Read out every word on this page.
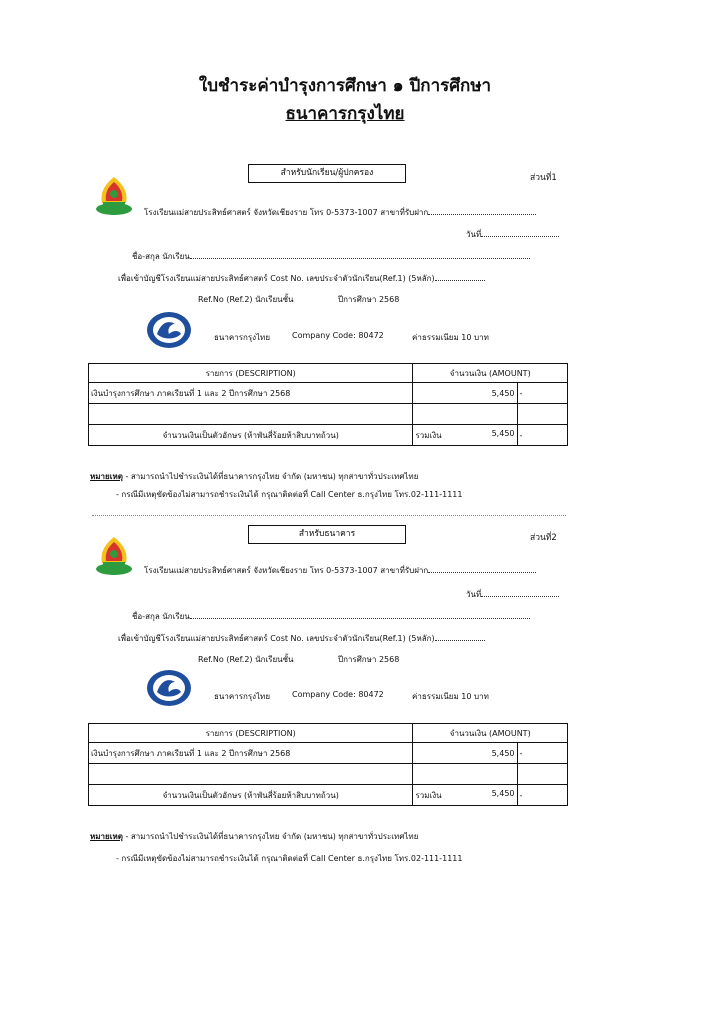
ใบชำระค่าบำรุงการศึกษา ๑ ปีการศึกษา
ธนาคารกรุงไทย
สำหรับนักเรียน/ผู้ปกครอง	ส่วนที่1
โรงเรียนแม่สายประสิทธ์ศาสตร์ จังหวัดเชียงราย โทร 0-5373-1007 สาขาที่รับฝาก
วันที่
ชื่อ-สกุล นักเรียน
เพื่อเข้าบัญชีโรงเรียนแม่สายประสิทธ์ศาสตร์ Cost No. เลขประจำตัวนักเรียน(Ref.1) (5หลัก)
Ref.No (Ref.2) นักเรียนชั้น	ปีการศึกษา 2568
ธนาคารกรุงไทย	Company Code: 80472	ค่าธรรมเนียม 10 บาท
รายการ (DESCRIPTION)	จำนวนเงิน (AMOUNT)	
เงินบำรุงการศึกษา ภาคเรียนที่ 1 และ 2 ปีการศึกษา 2568	5,450	-

จำนวนเงินเป็นตัวอักษร (ห้าพันสี่ร้อยห้าสิบบาทถ้วน)	รวมเงิน 5,450	-
หมายเหตุ - สามารถนำไปชำระเงินได้ที่ธนาคารกรุงไทย จำกัด (มหาชน) ทุกสาขาทั่วประเทศไทย
- กรณีมีเหตุขัดข้องไม่สามารถชำระเงินได้ กรุณาติดต่อที่ Call Center ธ.กรุงไทย โทร.02-111-1111
สำหรับธนาคาร	ส่วนที่2
โรงเรียนแม่สายประสิทธ์ศาสตร์ จังหวัดเชียงราย โทร 0-5373-1007 สาขาที่รับฝาก
วันที่
ชื่อ-สกุล นักเรียน
เพื่อเข้าบัญชีโรงเรียนแม่สายประสิทธ์ศาสตร์ Cost No. เลขประจำตัวนักเรียน(Ref.1) (5หลัก)
Ref.No (Ref.2) นักเรียนชั้น	ปีการศึกษา 2568
ธนาคารกรุงไทย	Company Code: 80472	ค่าธรรมเนียม 10 บาท
รายการ (DESCRIPTION)	จำนวนเงิน (AMOUNT)	
เงินบำรุงการศึกษา ภาคเรียนที่ 1 และ 2 ปีการศึกษา 2568	5,450	-

จำนวนเงินเป็นตัวอักษร (ห้าพันสี่ร้อยห้าสิบบาทถ้วน)	รวมเงิน 5,450	-
หมายเหตุ - สามารถนำไปชำระเงินได้ที่ธนาคารกรุงไทย จำกัด (มหาชน) ทุกสาขาทั่วประเทศไทย
- กรณีมีเหตุขัดข้องไม่สามารถชำระเงินได้ กรุณาติดต่อที่ Call Center ธ.กรุงไทย โทร.02-111-1111
